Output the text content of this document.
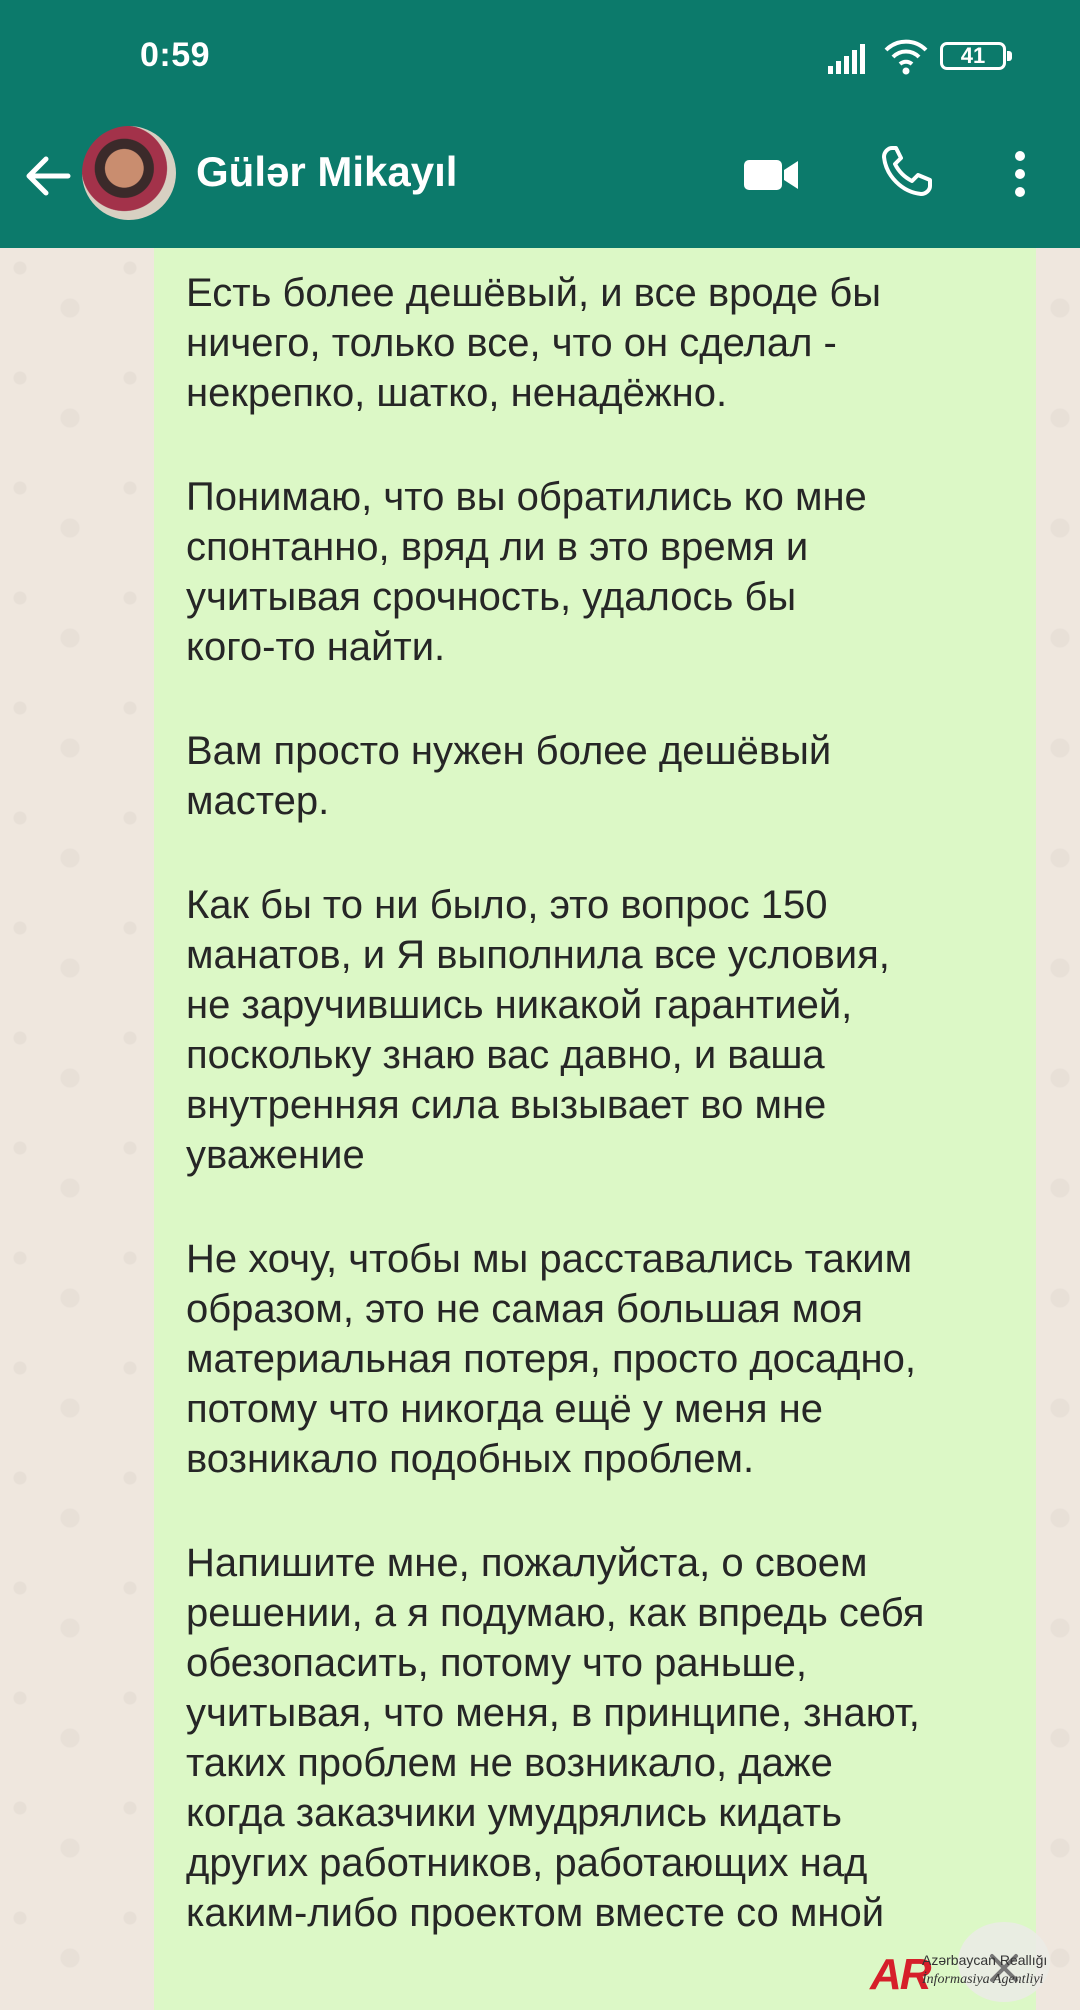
0:59	41
Gülər Mikayıl

Есть более дешёвый, и все вроде бы
ничего, только все, что он сделал -
некрепко, шатко, ненадёжно.

Понимаю, что вы обратились ко мне
спонтанно, вряд ли в это время и
учитывая срочность, удалось бы
кого-то найти.

Вам просто нужен более дешёвый
мастер.

Как бы то ни было, это вопрос 150
манатов, и Я выполнила все условия,
не заручившись никакой гарантией,
поскольку знаю вас давно, и ваша
внутренняя сила вызывает во мне
уважение

Не хочу, чтобы мы расставались таким
образом, это не самая большая моя
материальная потеря, просто досадно,
потому что никогда ещё у меня не
возникало подобных проблем.

Напишите мне, пожалуйста, о своем
решении, а я подумаю, как впредь себя
обезопасить, потому что раньше,
учитывая, что меня, в принципе, знают,
таких проблем не возникало, даже
когда заказчики умудрялись кидать
других работников, работающих над
каким-либо проектом вместе со мной

AR
Azərbaycan Reallığı
İnformasiya Agentliyi
